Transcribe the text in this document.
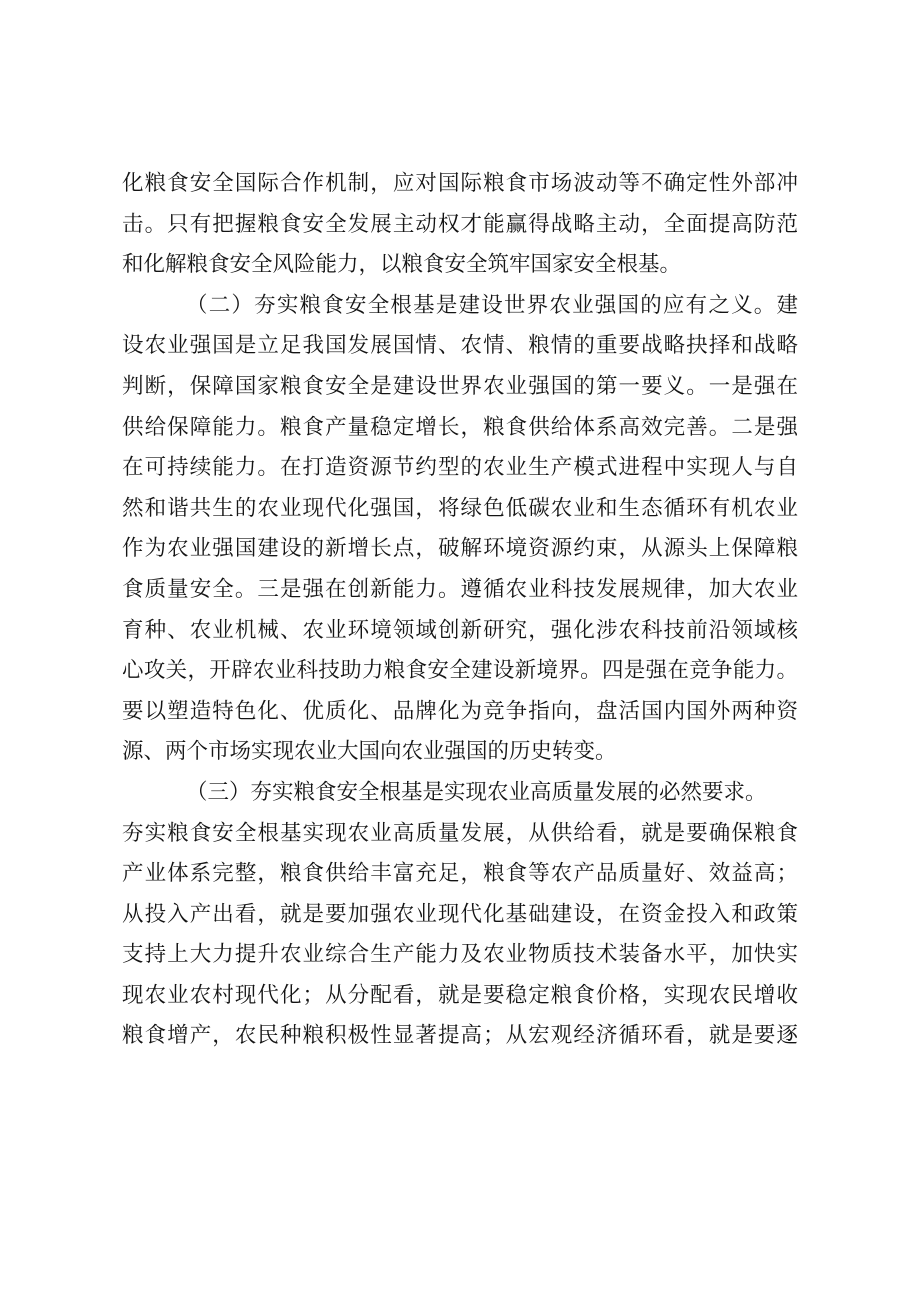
化粮食安全国际合作机制，应对国际粮食市场波动等不确定性外部冲
击。只有把握粮食安全发展主动权才能赢得战略主动，全面提高防范
和化解粮食安全风险能力，以粮食安全筑牢国家安全根基。
（二）夯实粮食安全根基是建设世界农业强国的应有之义。建
设农业强国是立足我国发展国情、农情、粮情的重要战略抉择和战略
判断，保障国家粮食安全是建设世界农业强国的第一要义。一是强在
供给保障能力。粮食产量稳定增长，粮食供给体系高效完善。二是强
在可持续能力。在打造资源节约型的农业生产模式进程中实现人与自
然和谐共生的农业现代化强国，将绿色低碳农业和生态循环有机农业
作为农业强国建设的新增长点，破解环境资源约束，从源头上保障粮
食质量安全。三是强在创新能力。遵循农业科技发展规律，加大农业
育种、农业机械、农业环境领域创新研究，强化涉农科技前沿领域核
心攻关，开辟农业科技助力粮食安全建设新境界。四是强在竞争能力。
要以塑造特色化、优质化、品牌化为竞争指向，盘活国内国外两种资
源、两个市场实现农业大国向农业强国的历史转变。
（三）夯实粮食安全根基是实现农业高质量发展的必然要求。
夯实粮食安全根基实现农业高质量发展，从供给看，就是要确保粮食
产业体系完整，粮食供给丰富充足，粮食等农产品质量好、效益高；
从投入产出看，就是要加强农业现代化基础建设，在资金投入和政策
支持上大力提升农业综合生产能力及农业物质技术装备水平，加快实
现农业农村现代化；从分配看，就是要稳定粮食价格，实现农民增收
粮食增产，农民种粮积极性显著提高；从宏观经济循环看，就是要逐
